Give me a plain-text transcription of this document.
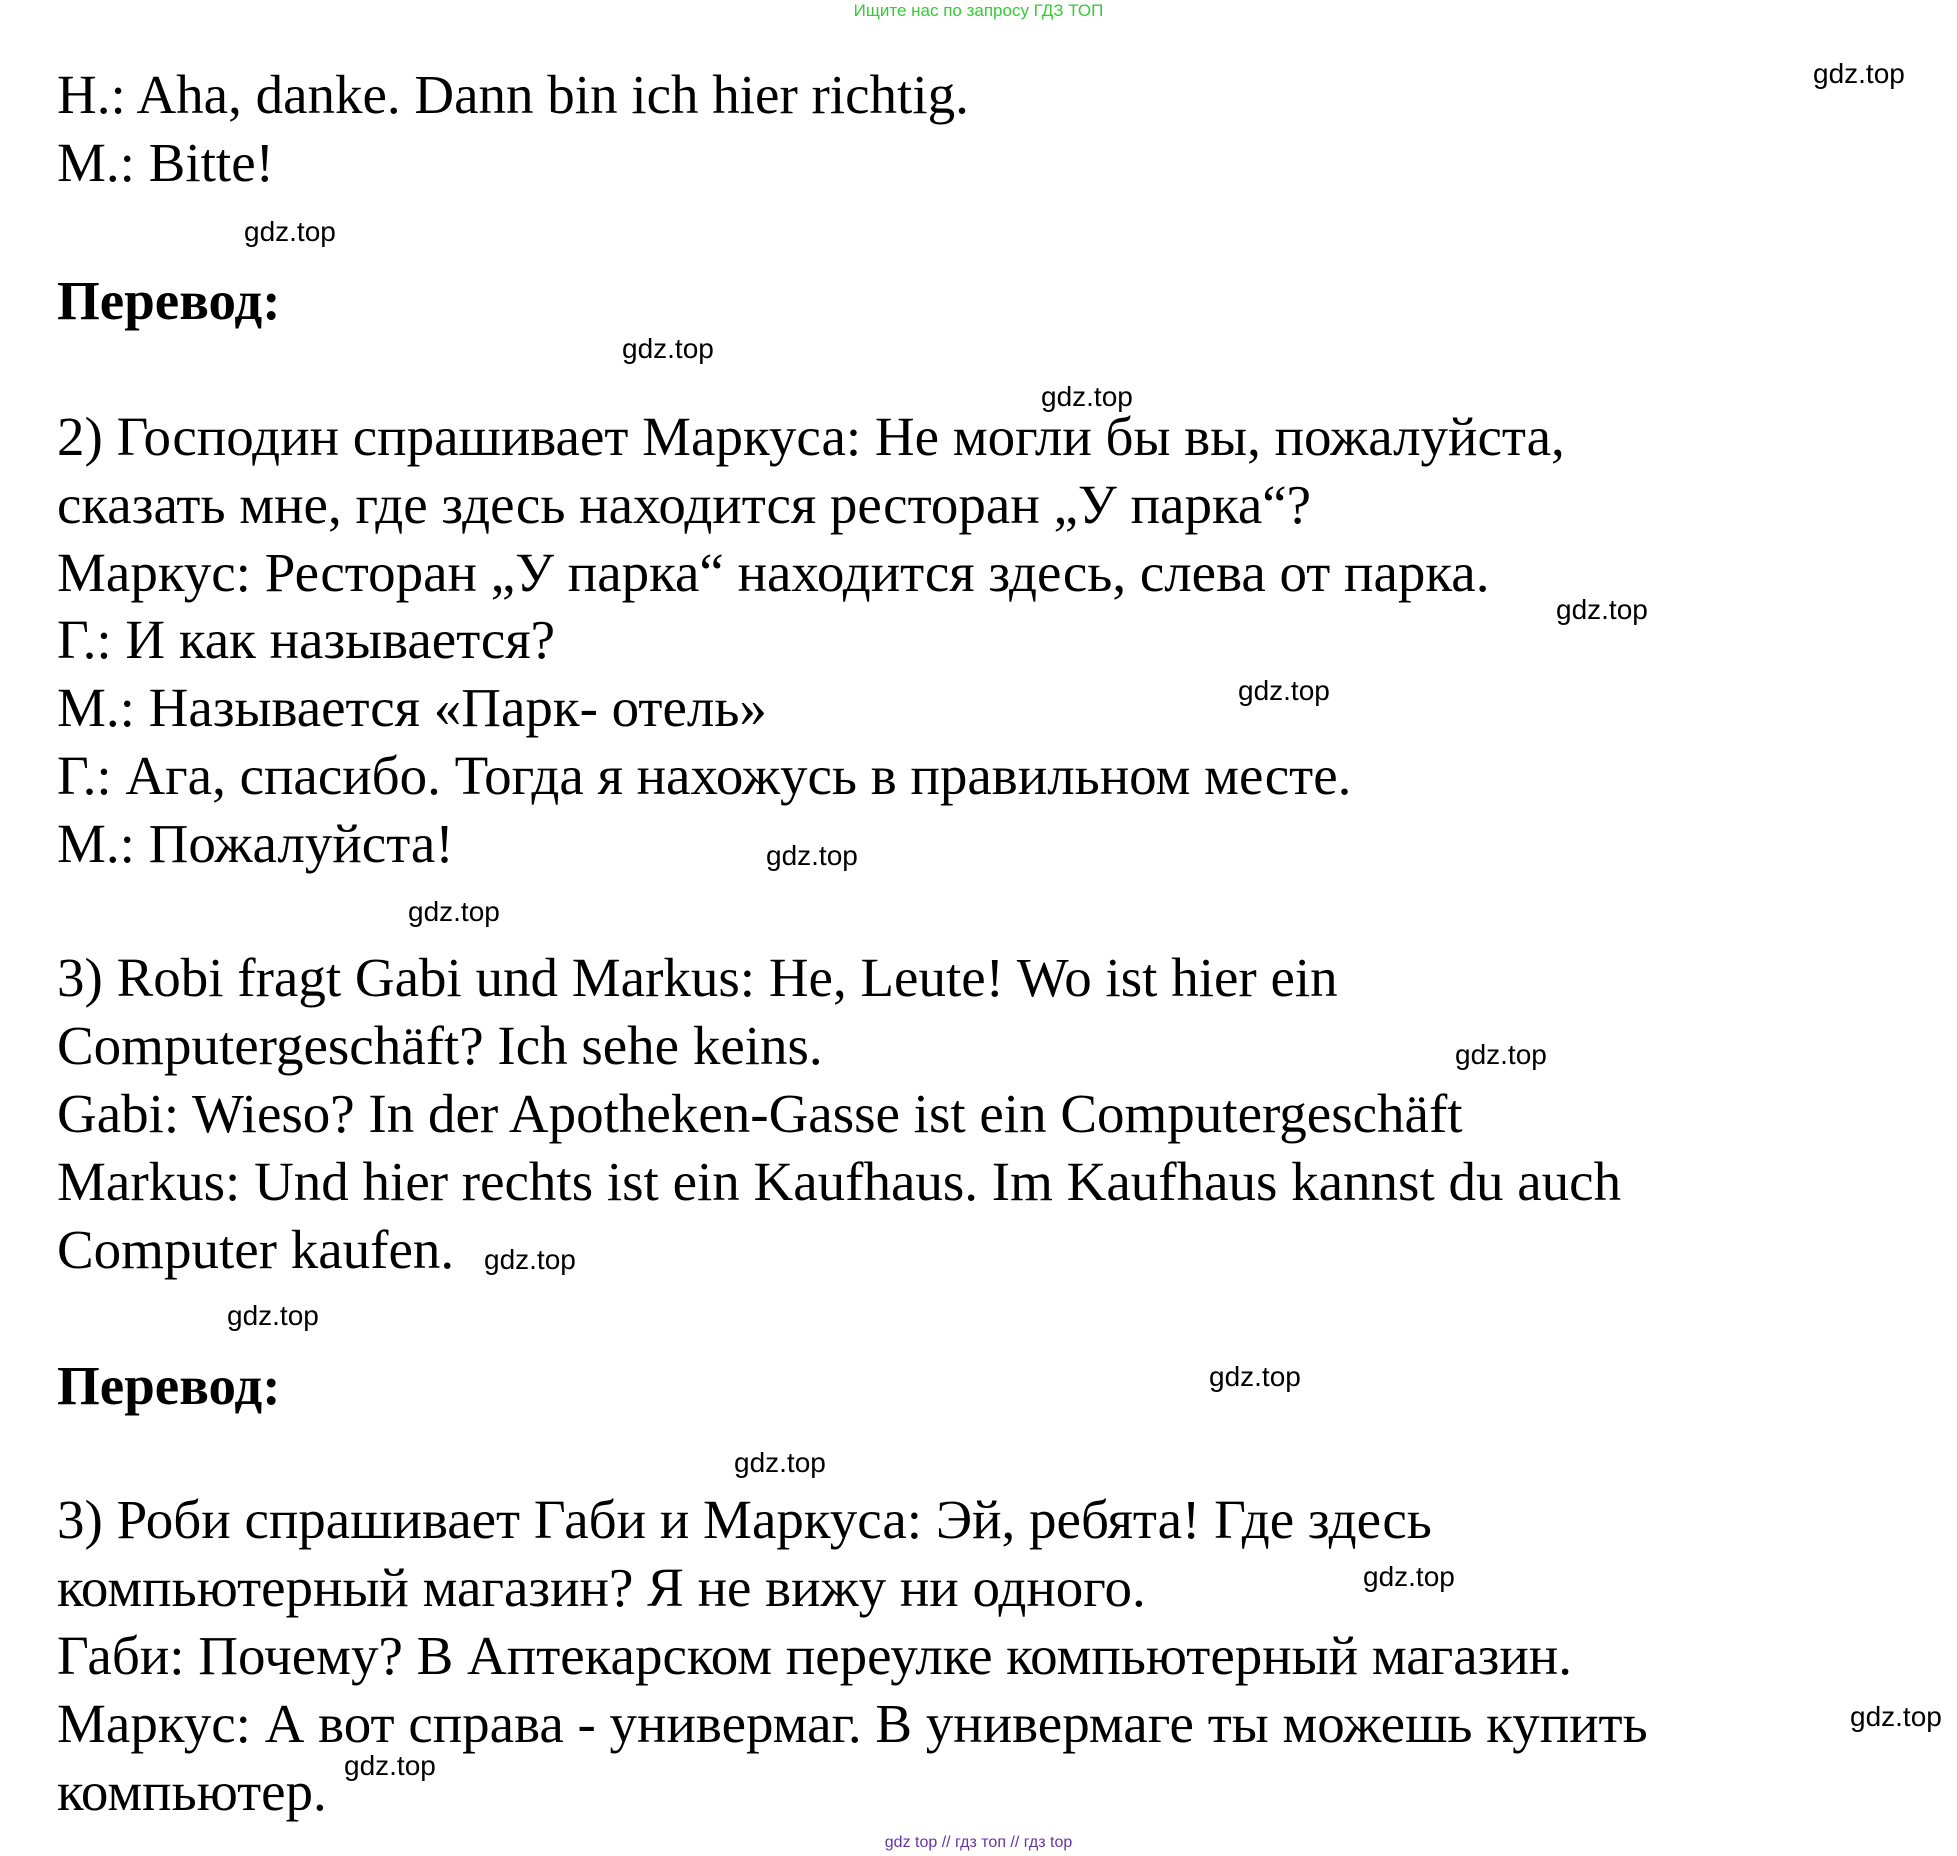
Ищите нас по запросу ГДЗ ТОП
H.: Aha, danke. Dann bin ich hier richtig.
M.: Bitte!
Перевод:
2) Господин спрашивает Маркуса: Не могли бы вы, пожалуйста,
сказать мне, где здесь находится ресторан „У парка“?
Маркус: Ресторан „У парка“ находится здесь, слева от парка.
Г.: И как называется?
М.: Называется «Парк- отель»
Г.: Ага, спасибо. Тогда я нахожусь в правильном месте.
М.: Пожалуйста!
3) Robi fragt Gabi und Markus: He, Leute! Wo ist hier ein
Computergeschäft? Ich sehe keins.
Gabi: Wieso? In der Apotheken-Gasse ist ein Computergeschäft
Markus: Und hier rechts ist ein Kaufhaus. Im Kaufhaus kannst du auch
Computer kaufen.
Перевод:
3) Роби спрашивает Габи и Маркуса: Эй, ребята! Где здесь
компьютерный магазин? Я не вижу ни одного.
Габи: Почему? В Аптекарском переулке компьютерный магазин.
Маркус: А вот справа - универмаг. В универмаге ты можешь купить
компьютер.
gdz.top
gdz.top
gdz.top
gdz.top
gdz.top
gdz.top
gdz.top
gdz.top
gdz.top
gdz.top
gdz.top
gdz.top
gdz.top
gdz.top
gdz.top
gdz.top
gdz top // гдз топ // гдз top
